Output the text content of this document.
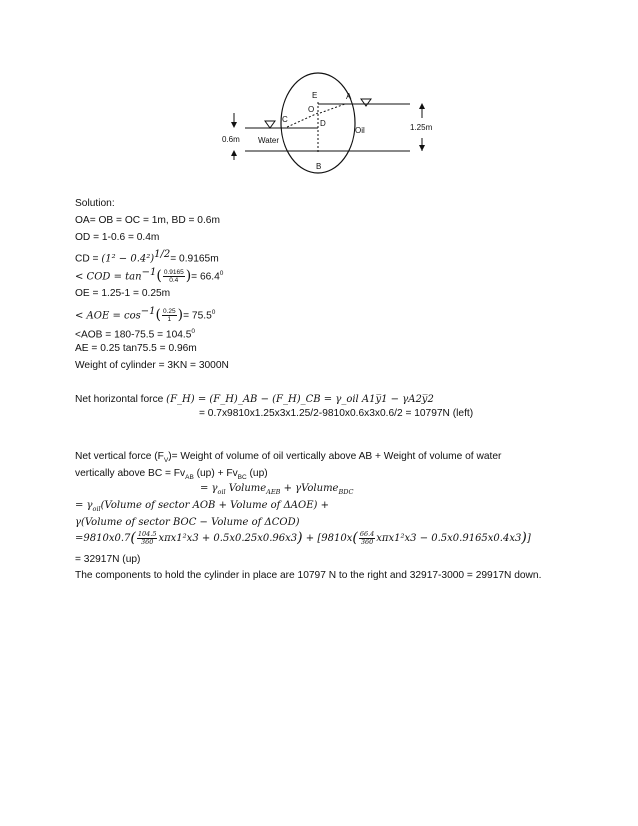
E	A
O
C	D
B
Oil
Water
0.6m
1.25m
Solution:
OA= OB = OC = 1m, BD = 0.6m
OD = 1-0.6 = 0.4m
CD = $(1^2 - 0.4^2)^{1/2}= 0.9165m$
< COD = $\tan^{-1}( \frac{0.9165}{0.4}$ )= $66.4^0$
OE = 1.25-1 = 0.25m
< AOE = $\cos^{-1}( \frac{0.25}{1}$ )= $75.5^0$
$<AOB = 180-75.5 = 104.5^0$
AE = 0.25 tan75.5 = 0.96m
Weight of cylinder = 3KN = 3000N
Net horizontal force (F_H) = (F_H)_AB − (F_H)_CB = γ_oil A1y̅1 − γA2y̅2
= 0.7x9810x1.25x3x1.25/2-9810x0.6x3x0.6/2 = 10797N (left)
Net vertical force $(F_V)=$ Weight of volume of oil vertically above AB + Weight of volume of water
vertically above BC = $Fv_{AB}$ $(up) + Fv_{BC}$ (up)
= $\gamma_{oil}$ Volume$_{AEB}$ + γVolume$_{BDC}$
= $\gamma_{oil}(Volume$ of sector AOB + Volume of ΔAOE) +
γ(Volume of sector BOC − Volume of ΔCOD)
$=9810x0.7( \frac{104.5}{360} x\pi x1^2x3 + 0.5x0.25x0.96x3) + [9810x( \frac{66.4}{360} x\pi x1^2x3 - 0.5x0.9165x0.4x3)]$
= 32917N (up)
The components to hold the cylinder in place are 10797 N to the right and 32917-3000 = 29917N down.
